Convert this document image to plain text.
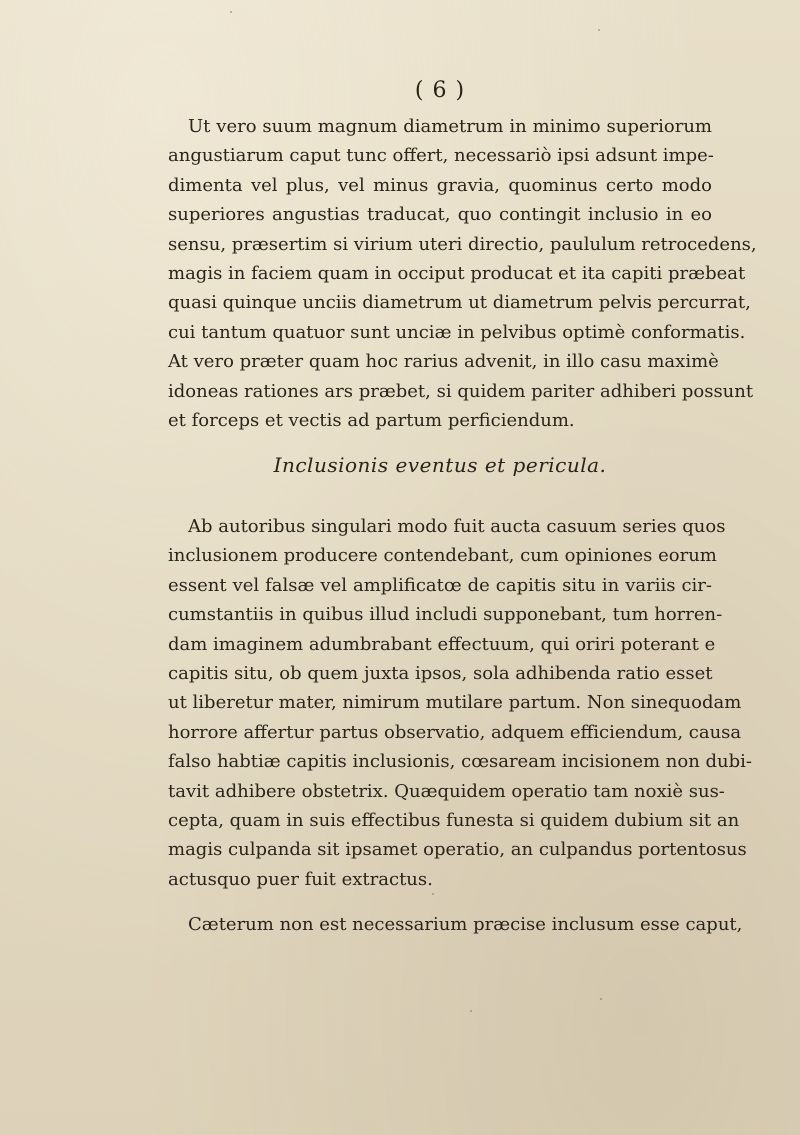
( 6 )

Ut vero suum magnum diametrum in minimo superiorum
angustiarum caput tunc offert, necessariò ipsi adsunt impe-
dimenta vel plus, vel minus gravia, quominus certo modo
superiores angustias traducat, quo contingit inclusio in eo
sensu, præsertim si virium uteri directio, paululum retrocedens,
magis in faciem quam in occiput producat et ita capiti præbeat
quasi quinque unciis diametrum ut diametrum pelvis percurrat,
cui tantum quatuor sunt unciæ in pelvibus optimè conformatis.
At vero præter quam hoc rarius advenit, in illo casu maximè
idoneas rationes ars præbet, si quidem pariter adhiberi possunt
et forceps et vectis ad partum perficiendum.

Inclusionis eventus et pericula.

Ab autoribus singulari modo fuit aucta casuum series quos
inclusionem producere contendebant, cum opiniones eorum
essent vel falsæ vel amplificatœ de capitis situ in variis cir-
cumstantiis in quibus illud includi supponebant, tum horren-
dam imaginem adumbrabant effectuum, qui oriri poterant e
capitis situ, ob quem juxta ipsos, sola adhibenda ratio esset
ut liberetur mater, nimirum mutilare partum. Non sinequodam
horrore affertur partus observatio, adquem efficiendum, causa
falso habtiæ capitis inclusionis, cœsaream incisionem non dubi-
tavit adhibere obstetrix. Quæquidem operatio tam noxiè sus-
cepta, quam in suis effectibus funesta si quidem dubium sit an
magis culpanda sit ipsamet operatio, an culpandus portentosus
actusquo puer fuit extractus.

Cæterum non est necessarium præcise inclusum esse caput,
